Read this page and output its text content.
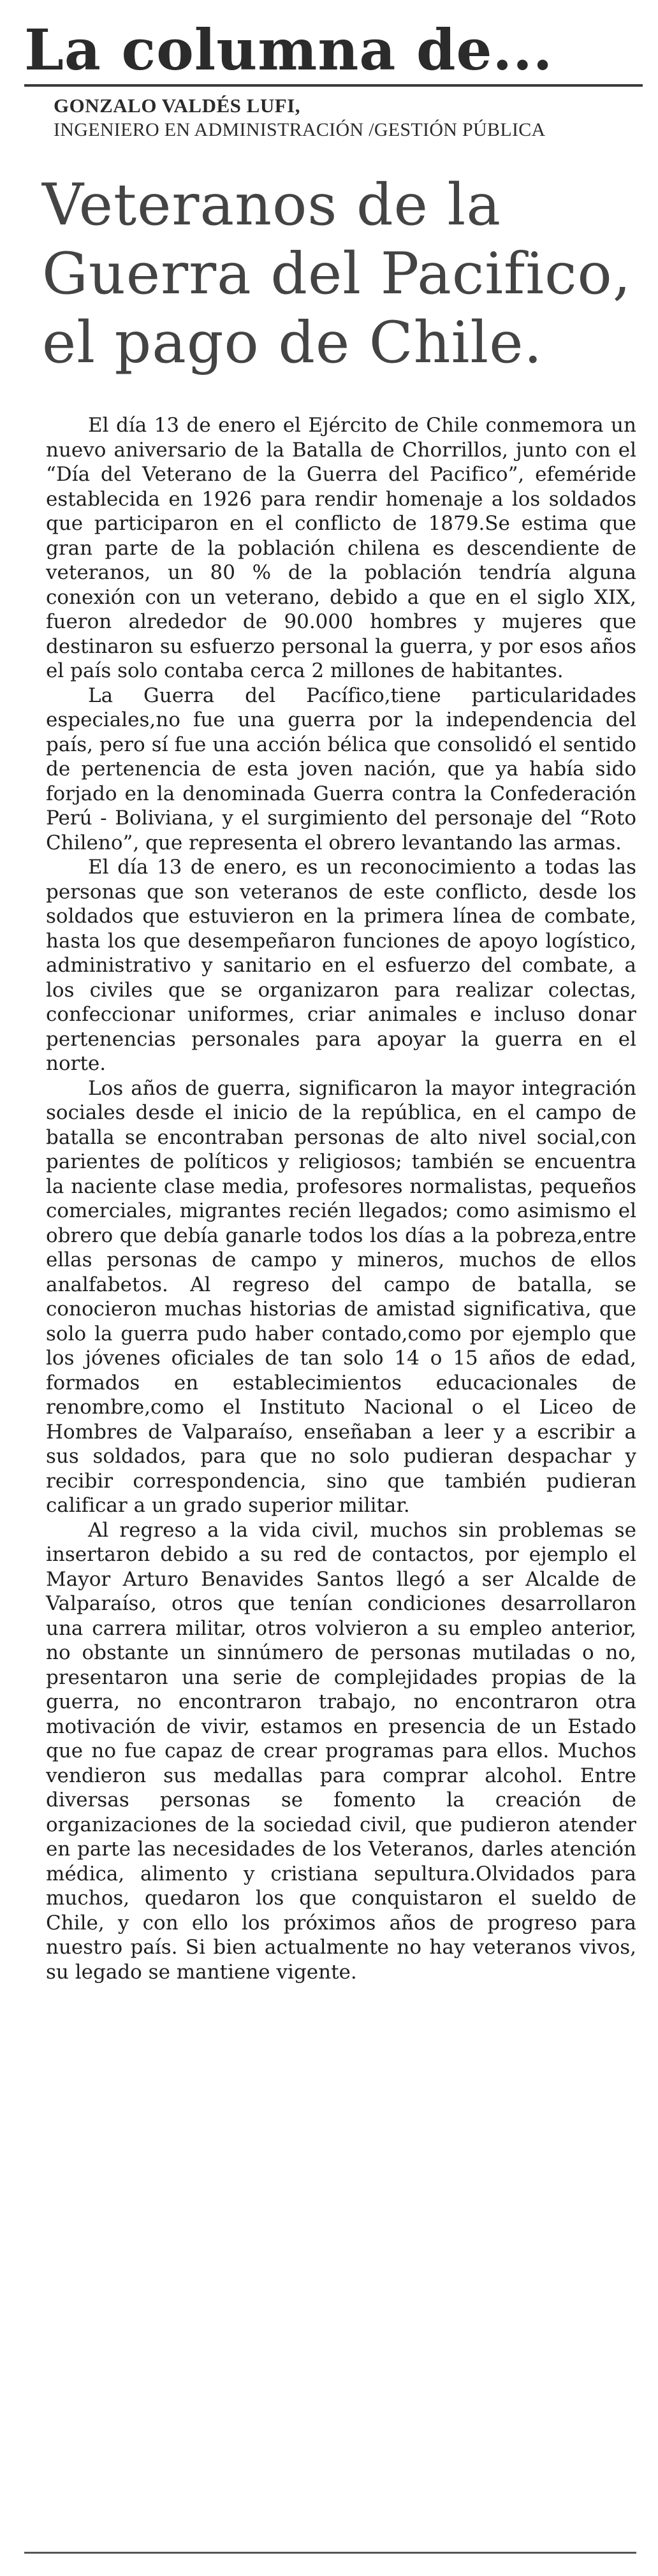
La columna de...
GONZALO VALDÉS LUFI,
INGENIERO EN ADMINISTRACIÓN /GESTIÓN PÚBLICA
Veteranos de la
Guerra del Pacifico,
el pago de Chile.

El día 13 de enero el Ejército de Chile conmemora un nuevo aniversario de la Batalla de Chorrillos, junto con el “Día del Veterano de la Guerra del Pacifico”, efeméride establecida en 1926 para rendir homenaje a los soldados que participaron en el conflicto de 1879.Se estima que gran parte de la población chilena es descendiente de veteranos, un 80 % de la población tendría alguna conexión con un veterano, debido a que en el siglo XIX, fueron alrededor de 90.000 hombres y mujeres que destinaron su esfuerzo personal la guerra, y por esos años el país solo contaba cerca 2 millones de habitantes.

La Guerra del Pacífico,tiene particularidades especiales,no fue una guerra por la independencia del país, pero sí fue una acción bélica que consolidó el sentido de pertenencia de esta joven nación, que ya había sido forjado en la denominada Guerra contra la Confederación Perú - Boliviana, y el surgimiento del personaje del “Roto Chileno”, que representa el obrero levantando las armas.

El día 13 de enero, es un reconocimiento a todas las personas que son veteranos de este conflicto, desde los soldados que estuvieron en la primera línea de combate, hasta los que desempeñaron funciones de apoyo logístico, administrativo y sanitario en el esfuerzo del combate, a los civiles que se organizaron para realizar colectas, confeccionar uniformes, criar animales e incluso donar pertenencias personales para apoyar la guerra en el norte.

Los años de guerra, significaron la mayor integración sociales desde el inicio de la república, en el campo de batalla se encontraban personas de alto nivel social,con parientes de políticos y religiosos; también se encuentra la naciente clase media, profesores normalistas, pequeños comerciales, migrantes recién llegados; como asimismo el obrero que debía ganarle todos los días a la pobreza,entre ellas personas de campo y mineros, muchos de ellos analfabetos. Al regreso del campo de batalla, se conocieron muchas historias de amistad significativa, que solo la guerra pudo haber contado,como por ejemplo que los jóvenes oficiales de tan solo 14 o 15 años de edad, formados en establecimientos educacionales de renombre,como el Instituto Nacional o el Liceo de Hombres de Valparaíso, enseñaban a leer y a escribir a sus soldados, para que no solo pudieran despachar y recibir correspondencia, sino que también pudieran calificar a un grado superior militar.

Al regreso a la vida civil, muchos sin problemas se insertaron debido a su red de contactos, por ejemplo el Mayor Arturo Benavides Santos llegó a ser Alcalde de Valparaíso, otros que tenían condiciones desarrollaron una carrera militar, otros volvieron a su empleo anterior, no obstante un sinnúmero de personas mutiladas o no, presentaron una serie de complejidades propias de la guerra, no encontraron trabajo, no encontraron otra motivación de vivir, estamos en presencia de un Estado que no fue capaz de crear programas para ellos. Muchos vendieron sus medallas para comprar alcohol. Entre diversas personas se fomento la creación de organizaciones de la sociedad civil, que pudieron atender en parte las necesidades de los Veteranos, darles atención médica, alimento y cristiana sepultura.Olvidados para muchos, quedaron los que conquistaron el sueldo de Chile, y con ello los próximos años de progreso para nuestro país. Si bien actualmente no hay veteranos vivos, su legado se mantiene vigente.
